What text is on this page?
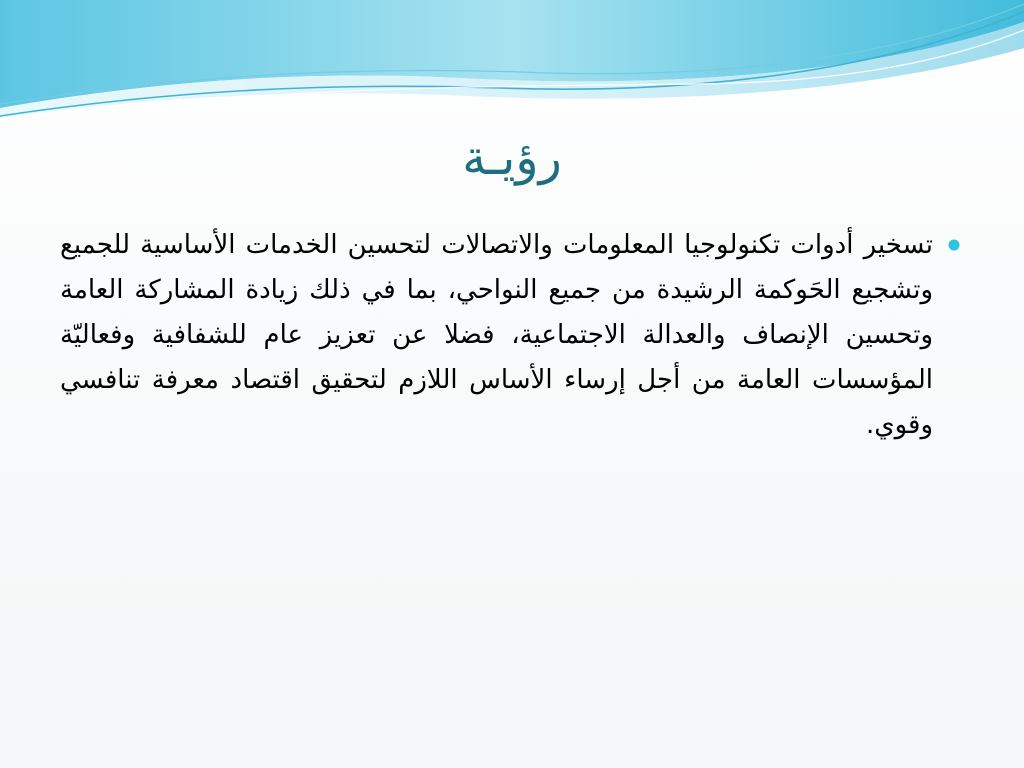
رؤيـة

تسخير أدوات تكنولوجيا المعلومات والاتصالات لتحسين الخدمات الأساسية للجميع وتشجيع الحَوكمة الرشيدة من جميع النواحي، بما في ذلك زيادة المشاركة العامة وتحسين الإنصاف والعدالة الاجتماعية، فضلا عن تعزيز عام للشفافية وفعاليّة المؤسسات العامة من أجل إرساء الأساس اللازم لتحقيق اقتصاد معرفة تنافسي وقوي.
